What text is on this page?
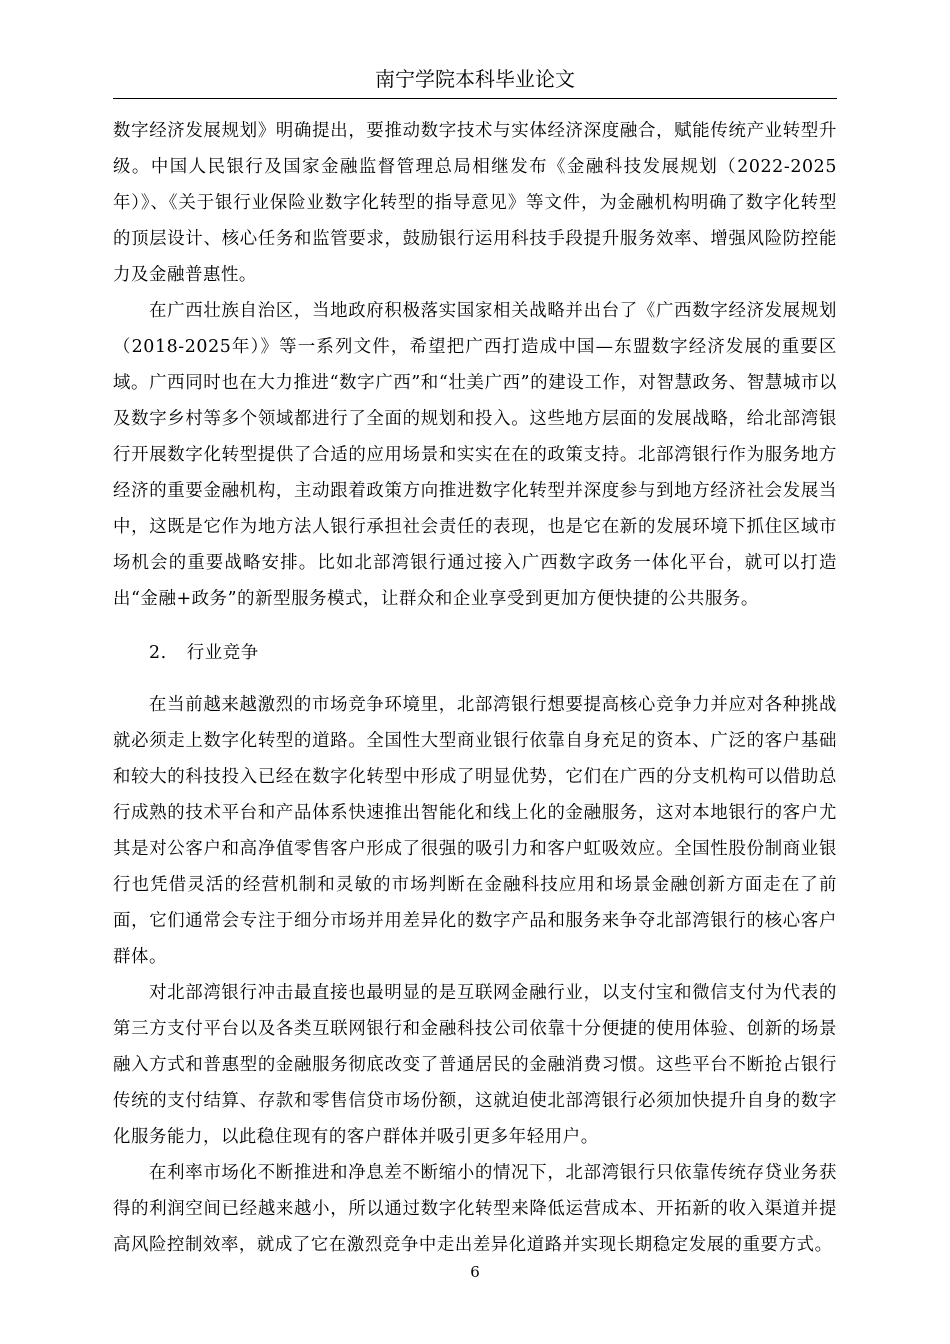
南宁学院本科毕业论文

数字经济发展规划》明确提出，要推动数字技术与实体经济深度融合，赋能传统产业转型升级。中国人民银行及国家金融监督管理总局相继发布《金融科技发展规划（2022-2025年）》、《关于银行业保险业数字化转型的指导意见》等文件，为金融机构明确了数字化转型的顶层设计、核心任务和监管要求，鼓励银行运用科技手段提升服务效率、增强风险防控能力及金融普惠性。

在广西壮族自治区，当地政府积极落实国家相关战略并出台了《广西数字经济发展规划（2018-2025年）》等一系列文件，希望把广西打造成中国—东盟数字经济发展的重要区域。广西同时也在大力推进“数字广西”和“壮美广西”的建设工作，对智慧政务、智慧城市以及数字乡村等多个领域都进行了全面的规划和投入。这些地方层面的发展战略，给北部湾银行开展数字化转型提供了合适的应用场景和实实在在的政策支持。北部湾银行作为服务地方经济的重要金融机构，主动跟着政策方向推进数字化转型并深度参与到地方经济社会发展当中，这既是它作为地方法人银行承担社会责任的表现，也是它在新的发展环境下抓住区域市场机会的重要战略安排。比如北部湾银行通过接入广西数字政务一体化平台，就可以打造出“金融+政务”的新型服务模式，让群众和企业享受到更加方便快捷的公共服务。

2. 行业竞争

在当前越来越激烈的市场竞争环境里，北部湾银行想要提高核心竞争力并应对各种挑战就必须走上数字化转型的道路。全国性大型商业银行依靠自身充足的资本、广泛的客户基础和较大的科技投入已经在数字化转型中形成了明显优势，它们在广西的分支机构可以借助总行成熟的技术平台和产品体系快速推出智能化和线上化的金融服务，这对本地银行的客户尤其是对公客户和高净值零售客户形成了很强的吸引力和客户虹吸效应。全国性股份制商业银行也凭借灵活的经营机制和灵敏的市场判断在金融科技应用和场景金融创新方面走在了前面，它们通常会专注于细分市场并用差异化的数字产品和服务来争夺北部湾银行的核心客户群体。

对北部湾银行冲击最直接也最明显的是互联网金融行业，以支付宝和微信支付为代表的第三方支付平台以及各类互联网银行和金融科技公司依靠十分便捷的使用体验、创新的场景融入方式和普惠型的金融服务彻底改变了普通居民的金融消费习惯。这些平台不断抢占银行传统的支付结算、存款和零售信贷市场份额，这就迫使北部湾银行必须加快提升自身的数字化服务能力，以此稳住现有的客户群体并吸引更多年轻用户。

在利率市场化不断推进和净息差不断缩小的情况下，北部湾银行只依靠传统存贷业务获得的利润空间已经越来越小，所以通过数字化转型来降低运营成本、开拓新的收入渠道并提高风险控制效率，就成了它在激烈竞争中走出差异化道路并实现长期稳定发展的重要方式。

6
